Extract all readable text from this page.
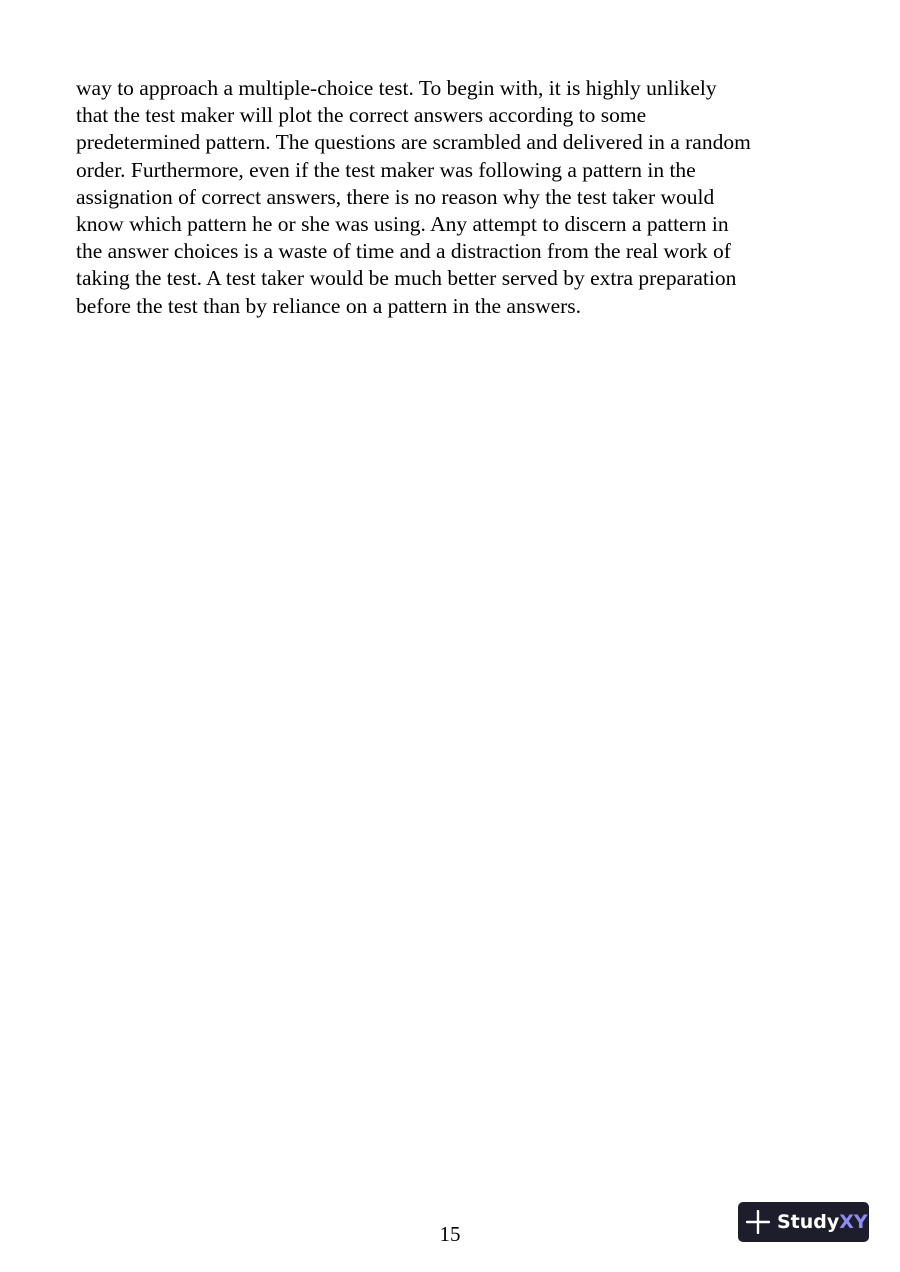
way to approach a multiple-choice test. To begin with, it is highly unlikely
that the test maker will plot the correct answers according to some
predetermined pattern. The questions are scrambled and delivered in a random
order. Furthermore, even if the test maker was following a pattern in the
assignation of correct answers, there is no reason why the test taker would
know which pattern he or she was using. Any attempt to discern a pattern in
the answer choices is a waste of time and a distraction from the real work of
taking the test. A test taker would be much better served by extra preparation
before the test than by reliance on a pattern in the answers.

15	Study XY
